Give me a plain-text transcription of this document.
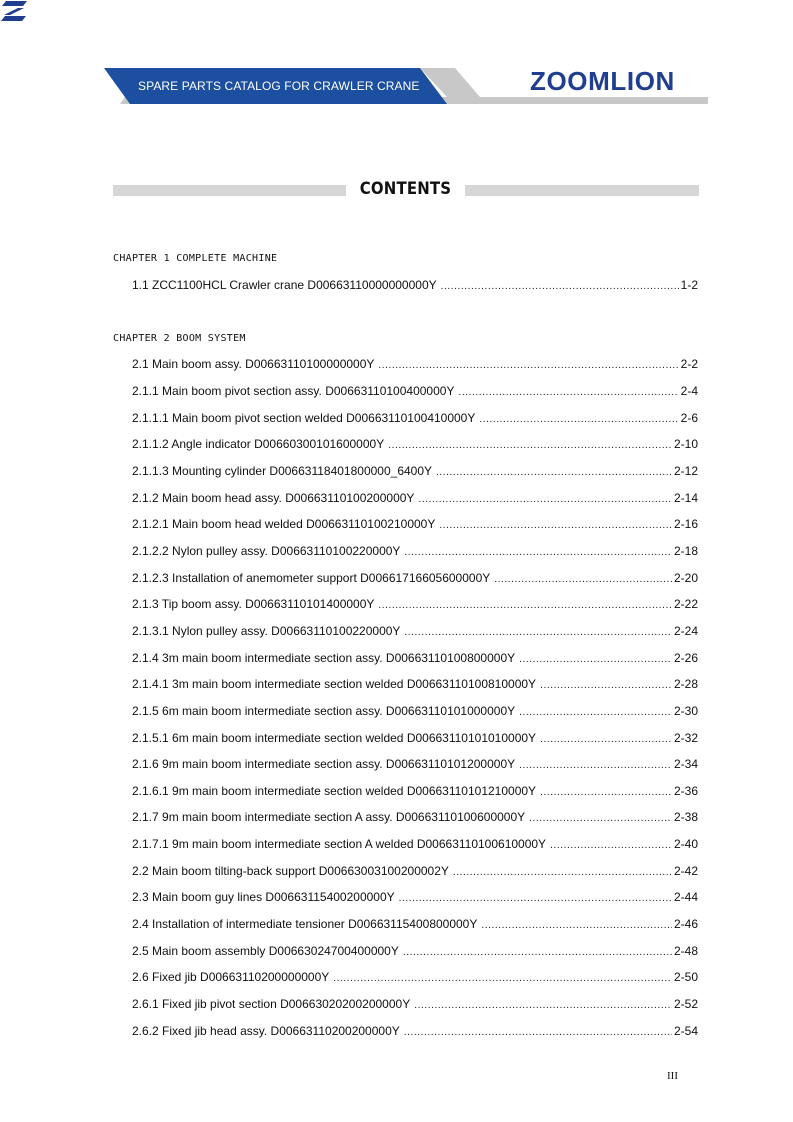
SPARE PARTS CATALOG FOR CRAWLER CRANE	ZOOMLION
CONTENTS
CHAPTER 1 COMPLETE MACHINE
1.1 ZCC1100HCL Crawler crane D00663110000000000Y .....	1-2
CHAPTER 2 BOOM SYSTEM
2.1 Main boom assy. D00663110100000000Y .....	2-2
2.1.1 Main boom pivot section assy. D00663110100400000Y .....	2-4
2.1.1.1 Main boom pivot section welded D00663110100410000Y .....	2-6
2.1.1.2 Angle indicator D00660300101600000Y .....	2-10
2.1.1.3 Mounting cylinder D00663118401800000_6400Y .....	2-12
2.1.2 Main boom head assy. D00663110100200000Y .....	2-14
2.1.2.1 Main boom head welded D00663110100210000Y .....	2-16
2.1.2.2 Nylon pulley assy. D00663110100220000Y .....	2-18
2.1.2.3 Installation of anemometer support D00661716605600000Y .....	2-20
2.1.3 Tip boom assy. D00663110101400000Y .....	2-22
2.1.3.1 Nylon pulley assy. D00663110100220000Y .....	2-24
2.1.4 3m main boom intermediate section assy. D00663110100800000Y .....	2-26
2.1.4.1 3m main boom intermediate section welded D00663110100810000Y .....	2-28
2.1.5 6m main boom intermediate section assy. D00663110101000000Y .....	2-30
2.1.5.1 6m main boom intermediate section welded D00663110101010000Y .....	2-32
2.1.6 9m main boom intermediate section assy. D00663110101200000Y .....	2-34
2.1.6.1 9m main boom intermediate section welded D00663110101210000Y .....	2-36
2.1.7 9m main boom intermediate section A assy. D00663110100600000Y .....	2-38
2.1.7.1 9m main boom intermediate section A welded D00663110100610000Y .....	2-40
2.2 Main boom tilting-back support D00663003100200002Y .....	2-42
2.3 Main boom guy lines D00663115400200000Y .....	2-44
2.4 Installation of intermediate tensioner D00663115400800000Y .....	2-46
2.5 Main boom assembly D00663024700400000Y .....	2-48
2.6 Fixed jib D00663110200000000Y .....	2-50
2.6.1 Fixed jib pivot section D00663020200200000Y .....	2-52
2.6.2 Fixed jib head assy. D00663110200200000Y .....	2-54
III
